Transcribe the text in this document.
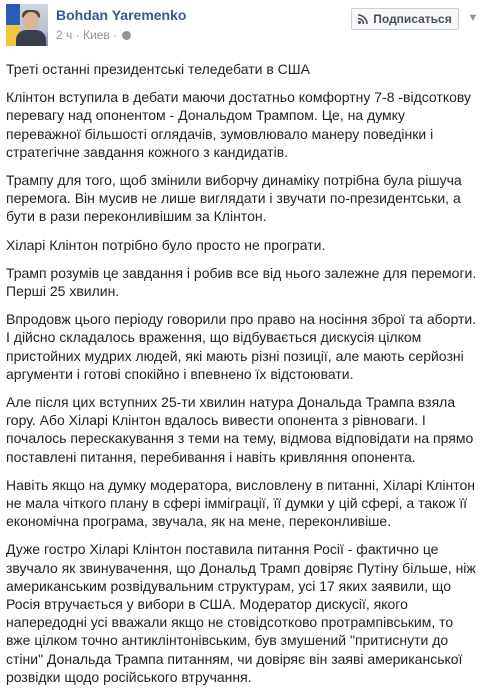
Bohdan Yaremenko
2 ч · Киев ·
Подписаться ▼

Треті останні президентські теледебати в США

Клінтон вступила в дебати маючи достатньо комфортну 7-8 -відсоткову
перевагу над опонентом - Дональдом Трампом. Це, на думку
переважної більшості оглядачів, зумовлювало манеру поведінки і
стратегічне завдання кожного з кандидатів.

Трампу для того, щоб змінили виборчу динаміку потрібна була рішуча
перемога. Він мусив не лише виглядати і звучати по-президентськи, а
бути в рази переконливішим за Клінтон.

Хіларі Клінтон потрібно було просто не програти.

Трамп розумів це завдання і робив все від нього залежне для перемоги.
Перші 25 хвилин.

Впродовж цього періоду говорили про право на носіння зброї та аборти.
І дійсно складалось враження, що відбувається дискусія цілком
пристойних мудрих людей, які мають різні позиції, але мають серйозні
аргументи і готові спокійно і впевнено їх відстоювати.

Але після цих вступних 25-ти хвилин натура Дональда Трампа взяла
гору. Або Хіларі Клінтон вдалось вивести опонента з рівноваги. І
почалось перескакування з теми на тему, відмова відповідати на прямо
поставлені питання, перебивання і навіть кривляння опонента.

Навіть якщо на думку модератора, висловлену в питанні, Хіларі Клінтон
не мала чіткого плану в сфері імміграції, її думки у цій сфері, а також її
економічна програма, звучала, як на мене, переконливіше.

Дуже гостро Хіларі Клінтон поставила питання Росії - фактично це
звучало як звинувачення, що Дональд Трамп довіряє Путіну більше, ніж
американським розвідувальним структурам, усі 17 яких заявили, що
Росія втручається у вибори в США. Модератор дискусії, якого
напередодні усі вважали якщо не стовідсотково протрампівським, то
вже цілком точно антиклінтонівським, був змушений "притиснути до
стіни" Дональда Трампа питанням, чи довіряє він заяві американської
розвідки щодо російського втручання.
